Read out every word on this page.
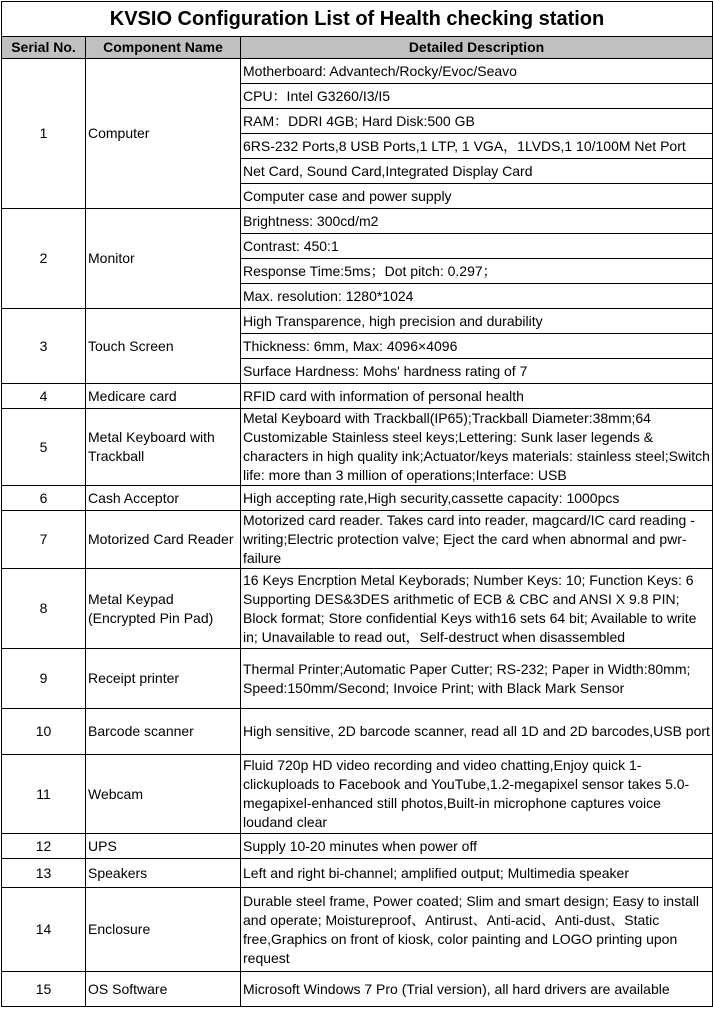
KVSIO Configuration List of Health checking station		
Serial No.	Component Name	Detailed Description
1	Computer	Motherboard: Advantech/Rocky/Evoc/Seavo
		CPU：Intel G3260/I3/I5
		RAM：DDRI 4GB; Hard Disk:500 GB
		6RS-232 Ports,8 USB Ports,1 LTP, 1 VGA，1LVDS,1 10/100M Net Port
		Net Card, Sound Card,Integrated Display Card
		Computer case and power supply
2	Monitor	Brightness: 300cd/m2
		Contrast: 450:1
		Response Time:5ms；Dot pitch: 0.297；
		Max. resolution: 1280*1024
3	Touch Screen	High Transparence, high precision and durability
		Thickness: 6mm, Max: 4096×4096
		Surface Hardness: Mohs' hardness rating of 7
4	Medicare card	RFID card with information of personal health
5	Metal Keyboard with Trackball	Metal Keyboard with Trackball(IP65);Trackball Diameter:38mm;64 Customizable Stainless steel keys;Lettering: Sunk laser legends & characters in high quality ink;Actuator/keys materials: stainless steel;Switch life: more than 3 million of operations;Interface: USB
6	Cash Acceptor	High accepting rate,High security,cassette capacity: 1000pcs
7	Motorized Card Reader	Motorized card reader. Takes card into reader, magcard/IC card reading - writing;Electric protection valve; Eject the card when abnormal and pwr-failure
8	Metal Keypad (Encrypted Pin Pad)	16 Keys Encrption Metal Keyborads; Number Keys: 10; Function Keys: 6 Supporting DES&3DES arithmetic of ECB & CBC and ANSI X 9.8 PIN; Block format; Store confidential Keys with16 sets 64 bit; Available to write in; Unavailable to read out，Self-destruct when disassembled
9	Receipt printer	Thermal Printer;Automatic Paper Cutter; RS-232; Paper in Width:80mm; Speed:150mm/Second; Invoice Print; with Black Mark Sensor
10	Barcode scanner	High sensitive, 2D barcode scanner, read all 1D and 2D barcodes,USB port
11	Webcam	Fluid 720p HD video recording and video chatting,Enjoy quick 1-clickuploads to Facebook and YouTube,1.2-megapixel sensor takes 5.0-megapixel-enhanced still photos,Built-in microphone captures voice loudand clear
12	UPS	Supply 10-20 minutes when power off
13	Speakers	Left and right bi-channel; amplified output; Multimedia speaker
14	Enclosure	Durable steel frame, Power coated; Slim and smart design; Easy to install and operate; Moistureproof、Antirust、Anti-acid、Anti-dust、Static free,Graphics on front of kiosk, color painting and LOGO printing upon request
15	OS Software	Microsoft Windows 7 Pro (Trial version), all hard drivers are available
